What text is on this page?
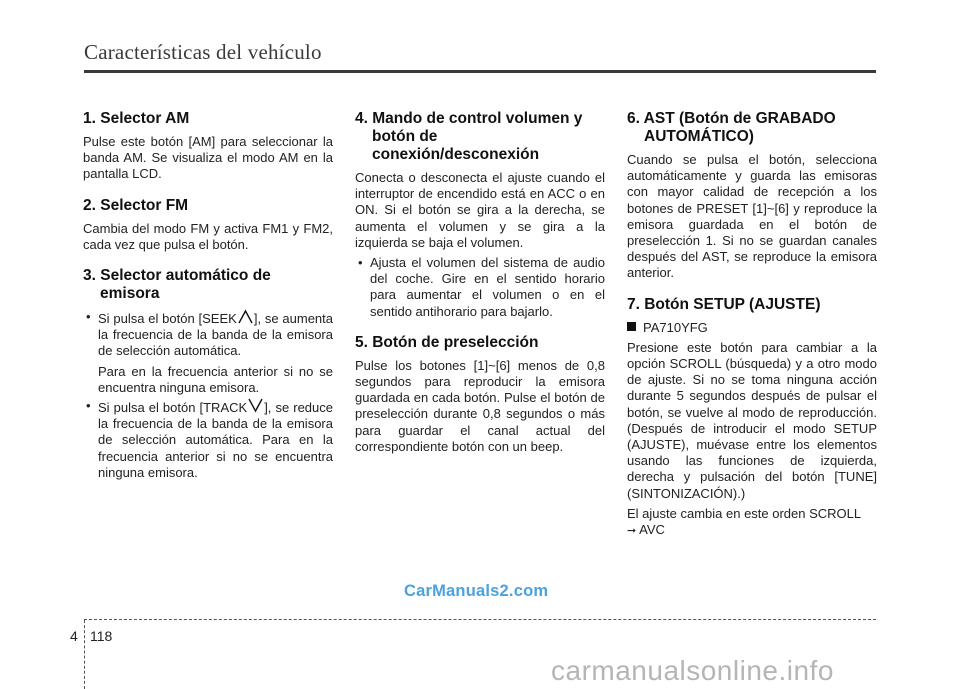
Características del vehículo
1. Selector AM

Pulse este botón [AM] para seleccionar la banda AM. Se visualiza el modo AM en la pantalla LCD.

2. Selector FM

Cambia del modo FM y activa FM1 y FM2, cada vez que pulsa el botón.

3. Selector automático de
emisora
• Si pulsa el botón [SEEK ], se aumenta la frecuencia de la banda de la emisora de selección automática.
Para en la frecuencia anterior si no se encuentra ninguna emisora.
• Si pulsa el botón [TRACK ], se reduce la frecuencia de la banda de la emisora de selección automática. Para en la frecuencia anterior si no se encuentra ninguna emisora.
4. Mando de control volumen y
botón de conexión/desconexión

Conecta o desconecta el ajuste cuando el interruptor de encendido está en ACC o en ON. Si el botón se gira a la derecha, se aumenta el volumen y se gira a la izquierda se baja el volumen.

• Ajusta el volumen del sistema de audio del coche. Gire en el sentido horario para aumentar el volumen o en el sentido antihorario para bajarlo.
5. Botón de preselección

Pulse los botones [1]~[6] menos de 0,8 segundos para reproducir la emisora guardada en cada botón. Pulse el botón de preselección durante 0,8 segundos o más para guardar el canal actual del correspondiente botón con un beep.

6. AST (Botón de GRABADO
AUTOMÁTICO)

Cuando se pulsa el botón, selecciona automáticamente y guarda las emisoras con mayor calidad de recepción a los botones de PRESET [1]~[6] y reproduce la emisora guardada en el botón de preselección 1. Si no se guardan canales después del AST, se reproduce la emisora anterior.

7. Botón SETUP (AJUSTE)
PA710YFG

Presione este botón para cambiar a la opción SCROLL (búsqueda) y a otro modo de ajuste. Si no se toma ninguna acción durante 5 segundos después de pulsar el botón, se vuelve al modo de reproducción. (Después de introducir el modo SETUP (AJUSTE), muévase entre los elementos usando las funciones de izquierda, derecha y pulsación del botón [TUNE] (SINTONIZACIÓN).)

El ajuste cambia en este orden SCROLL
➞ AVC

CarManuals2.com
4 118
carmanualsonline.info
